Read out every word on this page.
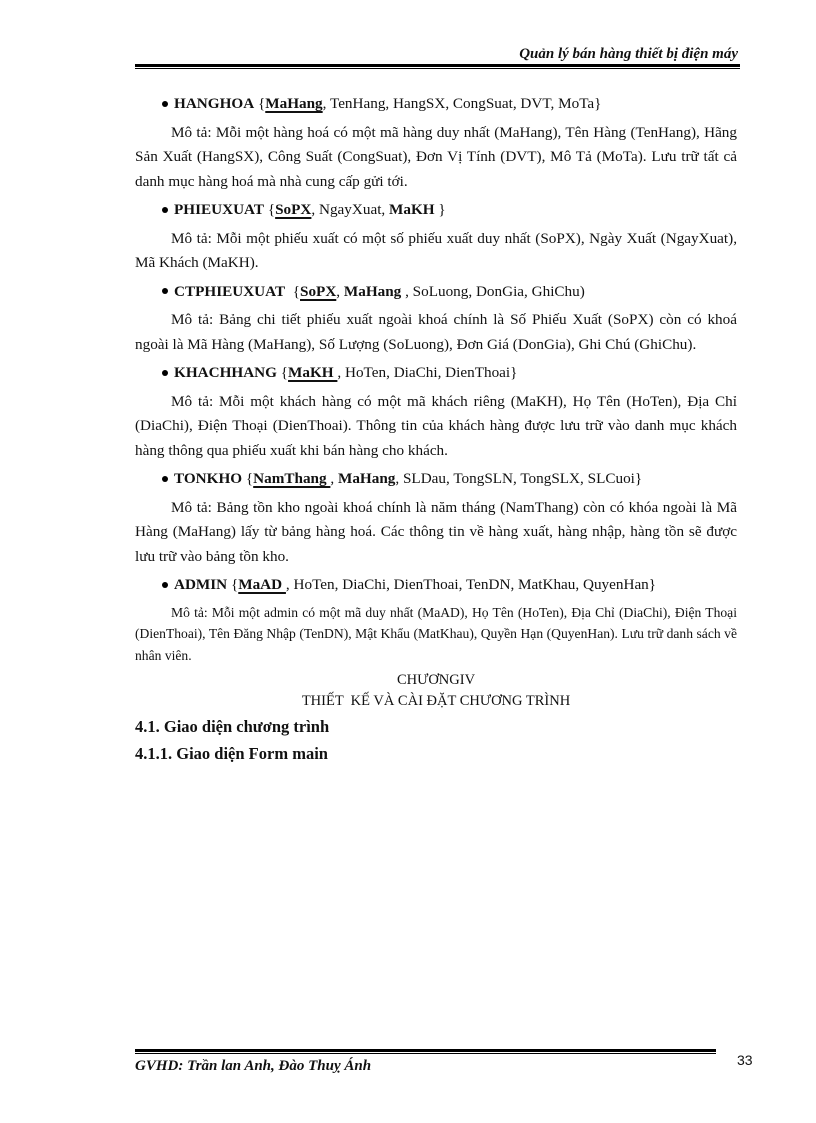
Quản lý bán hàng thiết bị điện máy

HANGHOA {MaHang, TenHang, HangSX, CongSuat, DVT, MoTa}

Mô tả: Mỗi một hàng hoá có một mã hàng duy nhất (MaHang), Tên Hàng (TenHang), Hãng Sản Xuất (HangSX), Công Suất (CongSuat), Đơn Vị Tính (DVT), Mô Tả (MoTa). Lưu trữ tất cả danh mục hàng hoá mà nhà cung cấp gửi tới.

PHIEUXUAT {SoPX, NgayXuat, MaKH }

Mô tả: Mỗi một phiếu xuất có một số phiếu xuất duy nhất (SoPX), Ngày Xuất (NgayXuat), Mã Khách (MaKH).

CTPHIEUXUAT  {SoPX, MaHang , SoLuong, DonGia, GhiChu)

Mô tả: Bảng chi tiết phiếu xuất ngoài khoá chính là Số Phiếu Xuất (SoPX) còn có khoá ngoài là Mã Hàng (MaHang), Số Lượng (SoLuong), Đơn Giá (DonGia), Ghi Chú (GhiChu).

KHACHHANG {MaKH , HoTen, DiaChi, DienThoai}

Mô tả: Mỗi một khách hàng có một mã khách riêng (MaKH), Họ Tên (HoTen), Địa Chỉ (DiaChi), Điện Thoại (DienThoai). Thông tin của khách hàng được lưu trữ vào danh mục khách hàng thông qua phiếu xuất khi bán hàng cho khách.

TONKHO {NamThang , MaHang, SLDau, TongSLN, TongSLX, SLCuoi}

Mô tả: Bảng tồn kho ngoài khoá chính là năm tháng (NamThang) còn có khóa ngoài là Mã Hàng (MaHang) lấy từ bảng hàng hoá. Các thông tin về hàng xuất, hàng nhập, hàng tồn sẽ được lưu trữ vào bảng tồn kho.

ADMIN {MaAD , HoTen, DiaChi, DienThoai, TenDN, MatKhau, QuyenHan}

Mô tả: Mỗi một admin có một mã duy nhất (MaAD), Họ Tên (HoTen), Địa Chỉ (DiaChi), Điện Thoại (DienThoai), Tên Đăng Nhập (TenDN), Mật Khẩu (MatKhau), Quyền Hạn (QuyenHan). Lưu trữ danh sách về nhân viên.

CHƯƠNGIV

THIẾT  KẾ VÀ CÀI ĐẶT CHƯƠNG TRÌNH

4.1. Giao diện chương trình

4.1.1. Giao diện Form main

GVHD: Trần lan Anh, Đào Thuỵ Ánh	33
